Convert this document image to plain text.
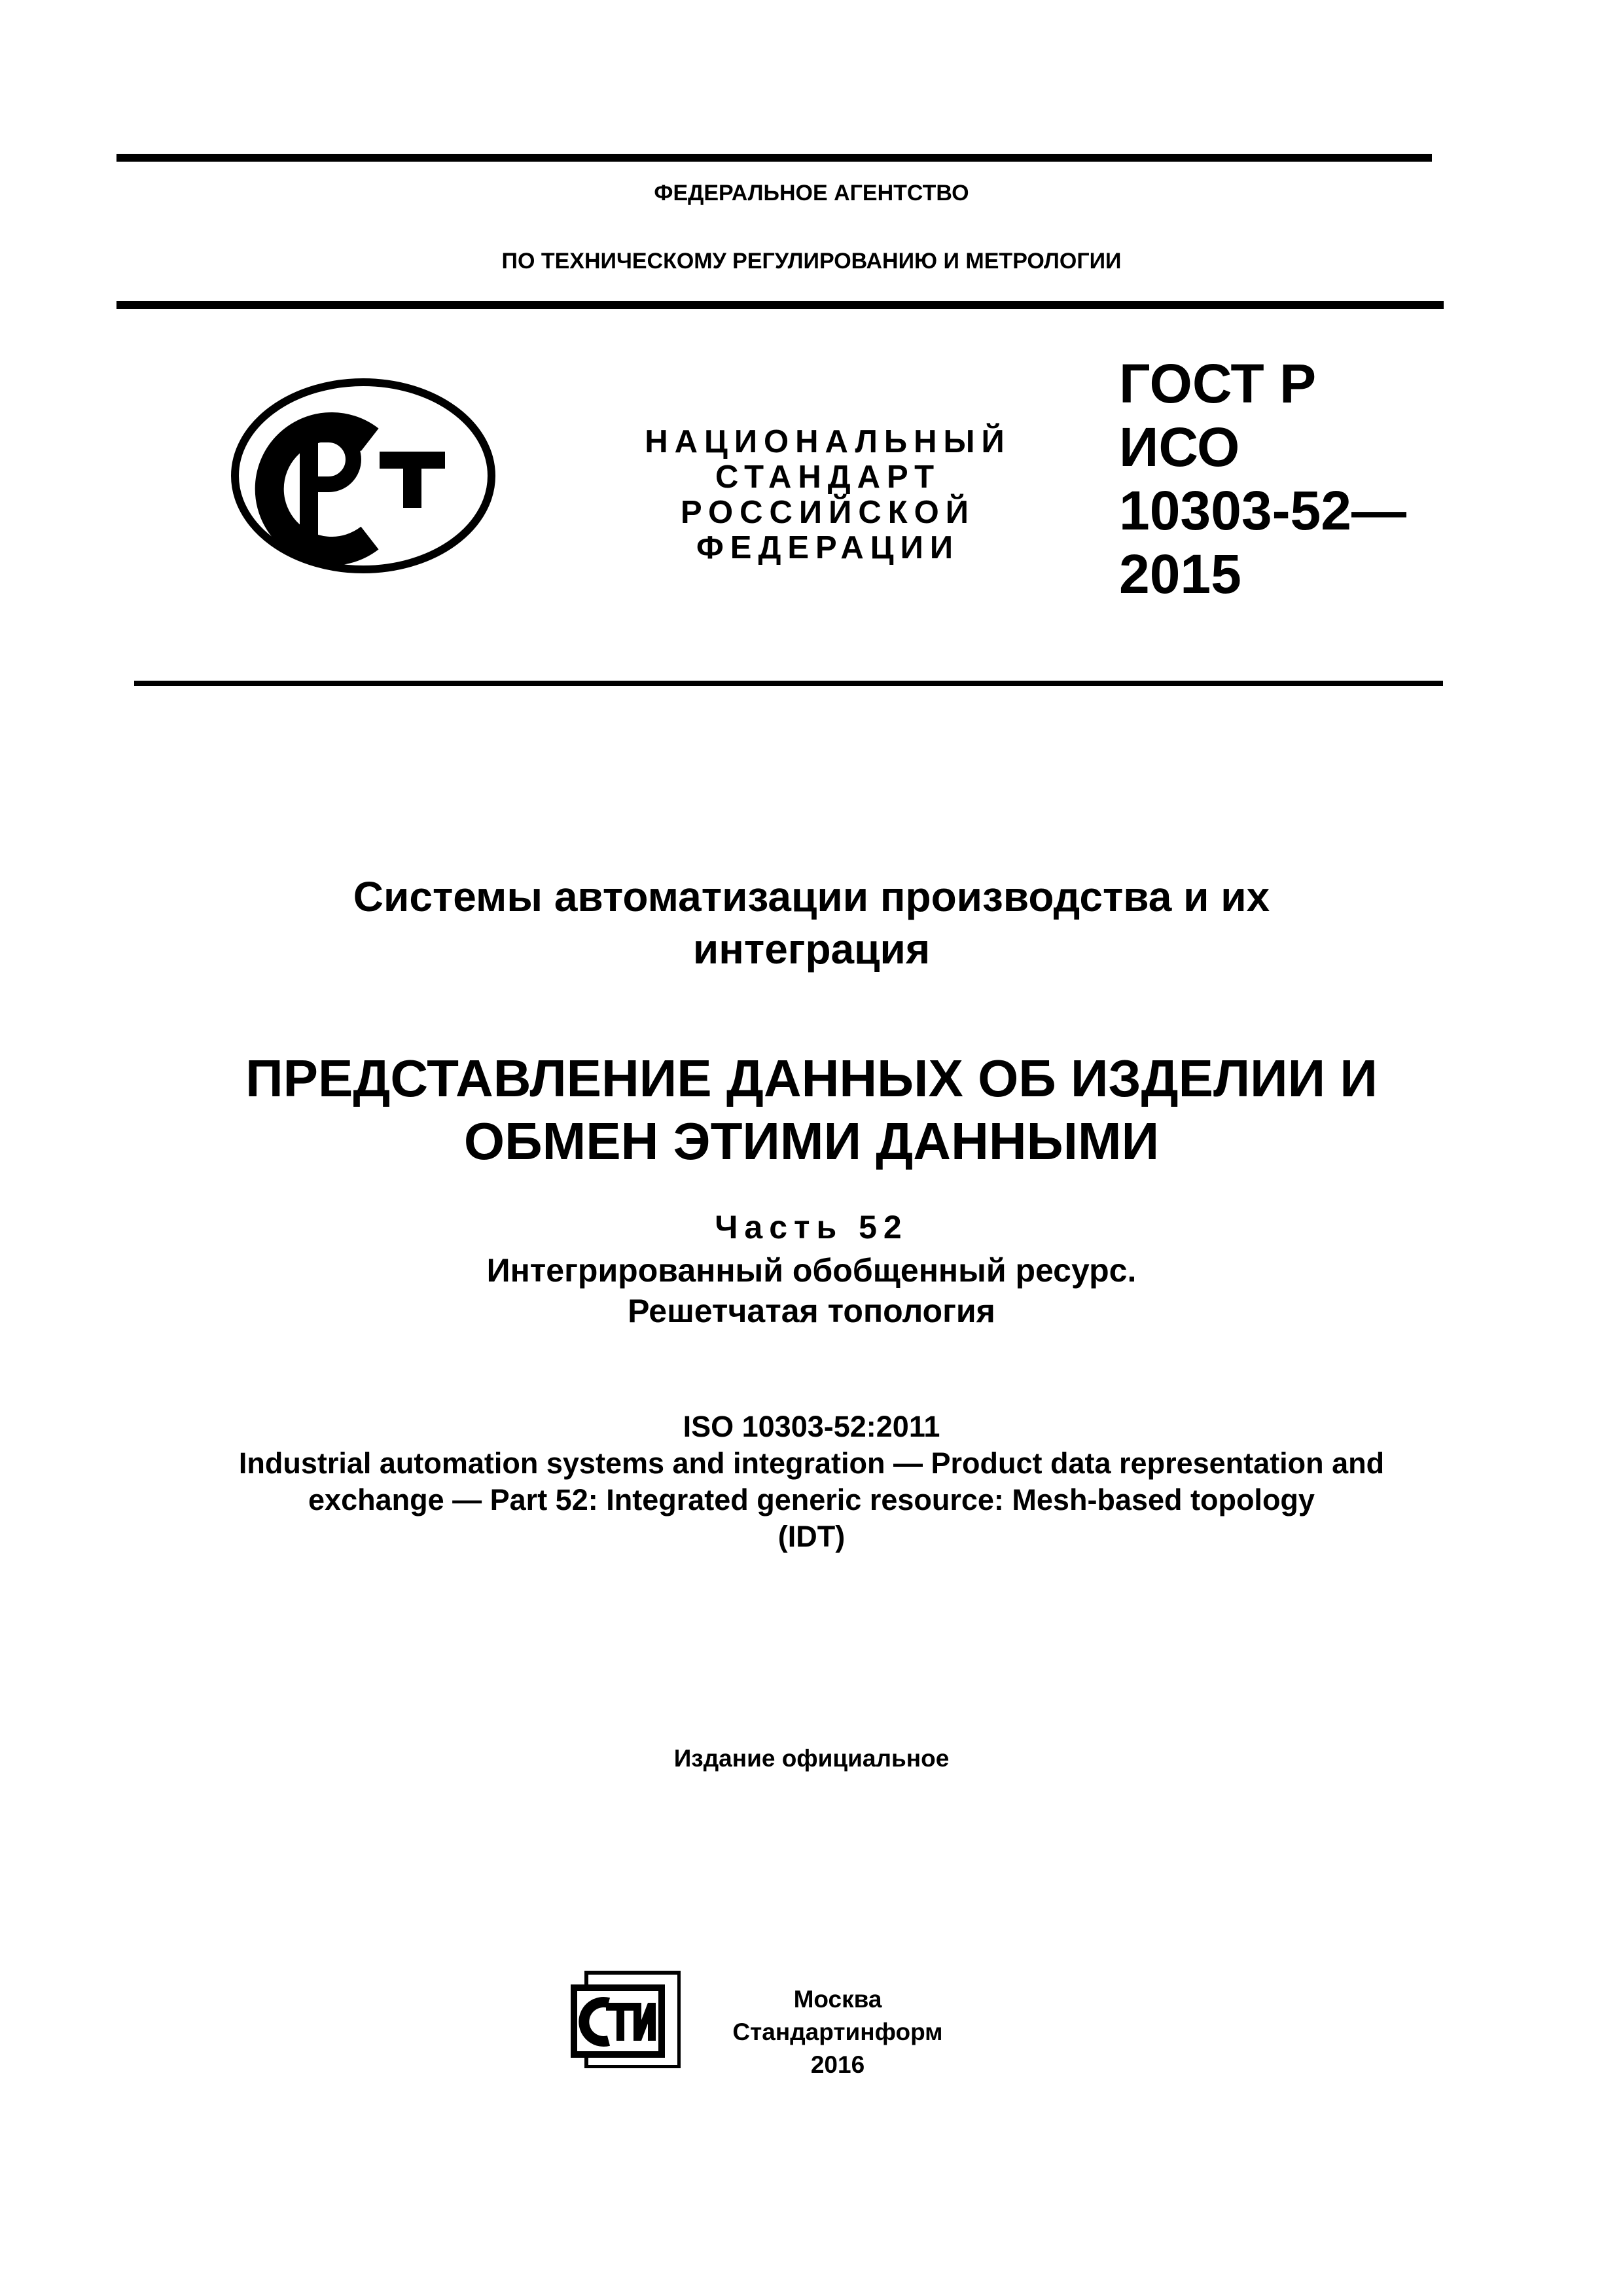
ФЕДЕРАЛЬНОЕ АГЕНТСТВО
ПО ТЕХНИЧЕСКОМУ РЕГУЛИРОВАНИЮ И МЕТРОЛОГИИ
НАЦИОНАЛЬНЫЙ
СТАНДАРТ
РОССИЙСКОЙ
ФЕДЕРАЦИИ
ГОСТ Р
ИСО
10303-52—
2015
Системы автоматизации производства и их
интеграция
ПРЕДСТАВЛЕНИЕ ДАННЫХ ОБ ИЗДЕЛИИ И
ОБМЕН ЭТИМИ ДАННЫМИ
Часть 52
Интегрированный обобщенный ресурс.
Решетчатая топология
ISO 10303-52:2011
Industrial automation systems and integration — Product data representation and
exchange — Part 52: Integrated generic resource: Mesh-based topology
(IDT)
Издание официальное
Москва
Стандартинформ
2016
